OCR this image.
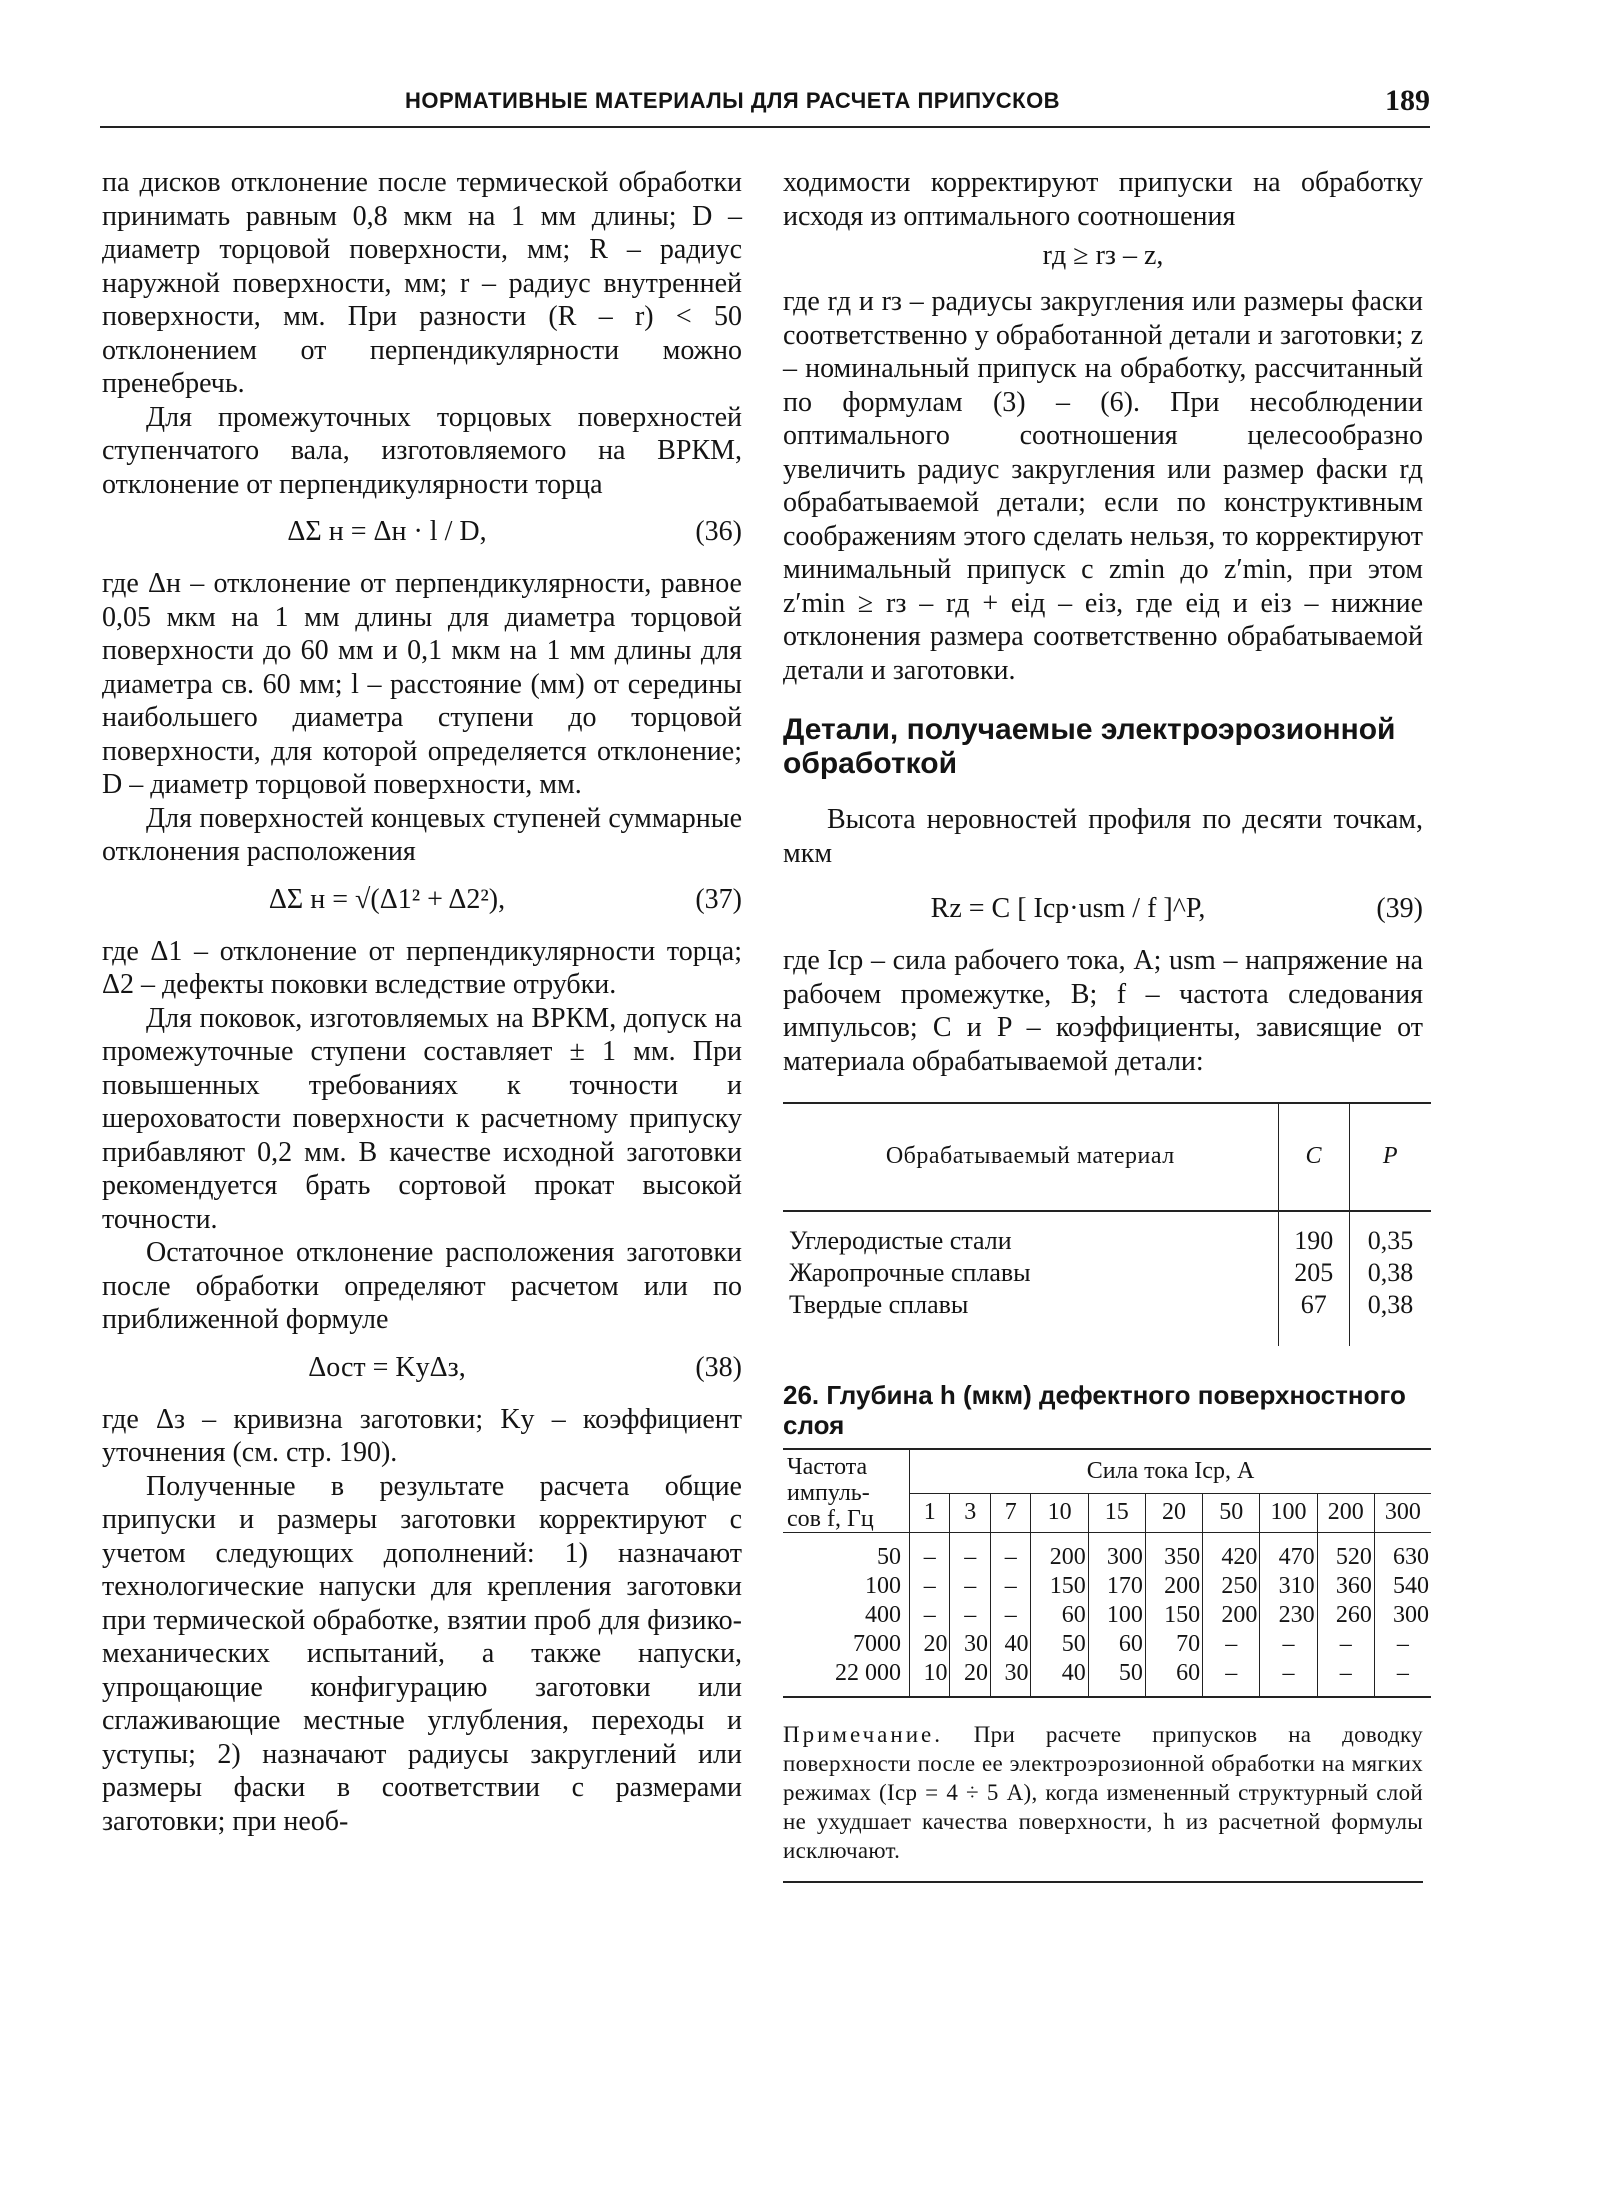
НОРМАТИВНЫЕ МАТЕРИАЛЫ ДЛЯ РАСЧЕТА ПРИПУСКОВ	189

па дисков отклонение после термической обработки принимать равным 0,8 мкм на 1 мм длины; D – диаметр торцовой поверхности, мм; R – радиус наружной поверхности, мм; r – радиус внутренней поверхности, мм. При разности (R – r) < 50 отклонением от перпендикулярности можно пренебречь.

Для промежуточных торцовых поверхностей ступенчатого вала, изготовляемого на ВРКМ, отклонение от перпендикулярности торца

ΔΣ н = Δн · l / D,	(36)

где Δн – отклонение от перпендикулярности, равное 0,05 мкм на 1 мм длины для диаметра торцовой поверхности до 60 мм и 0,1 мкм на 1 мм длины для диаметра св. 60 мм; l – расстояние (мм) от середины наибольшего диаметра ступени до торцовой поверхности, для которой определяется отклонение; D – диаметр торцовой поверхности, мм.

Для поверхностей концевых ступеней суммарные отклонения расположения

ΔΣ н = √(Δ1² + Δ2²),	(37)

где Δ1 – отклонение от перпендикулярности торца; Δ2 – дефекты поковки вследствие отрубки.

Для поковок, изготовляемых на ВРКМ, допуск на промежуточные ступени составляет ± 1 мм. При повышенных требованиях к точности и шероховатости поверхности к расчетному припуску прибавляют 0,2 мм. В качестве исходной заготовки рекомендуется брать сортовой прокат высокой точности.

Остаточное отклонение расположения заготовки после обработки определяют расчетом или по приближенной формуле

Δост = KуΔз,	(38)

где Δз – кривизна заготовки; Kу – коэффициент уточнения (см. стр. 190).

Полученные в результате расчета общие припуски и размеры заготовки корректируют с учетом следующих дополнений: 1) назначают технологические напуски для крепления заготовки при термической обработке, взятии проб для физико-механических испытаний, а также напуски, упрощающие конфигурацию заготовки или сглаживающие местные углубления, переходы и уступы; 2) назначают радиусы закруглений или размеры фаски в соответствии с размерами заготовки; при необ-

ходимости корректируют припуски на обработку исходя из оптимального соотношения

rд ≥ rз – z,

где rд и rз – радиусы закругления или размеры фаски соответственно у обработанной детали и заготовки; z – номинальный припуск на обработку, рассчитанный по формулам (3) – (6). При несоблюдении оптимального соотношения целесообразно увеличить радиус закругления или размер фаски rд обрабатываемой детали; если по конструктивным соображениям этого сделать нельзя, то корректируют минимальный припуск с zmin до z′min, при этом z′min ≥ rз – rд + eiд – eiз, где eiд и eiз – нижние отклонения размера соответственно обрабатываемой детали и заготовки.

Детали, получаемые электроэрозионной обработкой

Высота неровностей профиля по десяти точкам, мкм

Rz = C [ Iср·usm / f ]^P,	(39)

где Iср – сила рабочего тока, А; usm – напряжение на рабочем промежутке, В; f – частота следования импульсов; C и P – коэффициенты, зависящие от материала обрабатываемой детали:

Обрабатываемый материал	C	P
Углеродистые стали	190	0,35
Жаропрочные сплавы	205	0,38
Твердые сплавы	67	0,38
26. Глубина h (мкм) дефектного поверхностного слоя
Частота импуль- сов f, Гц	Сила тока Iср, А									
	1	3	7	10	15	20	50	100	200	300
50	–	–	–	200	300	350	420	470	520	630
100	–	–	–	150	170	200	250	310	360	540
400	–	–	–	60	100	150	200	230	260	300
7000	20	30	40	50	60	70	–	–	–	–
22 000	10	20	30	40	50	60	–	–	–	–
Примечание. При расчете припусков на доводку поверхности после ее электроэрозионной обработки на мягких режимах (Iср = 4 ÷ 5 А), когда измененный структурный слой не ухудшает качества поверхности, h из расчетной формулы исключают.
